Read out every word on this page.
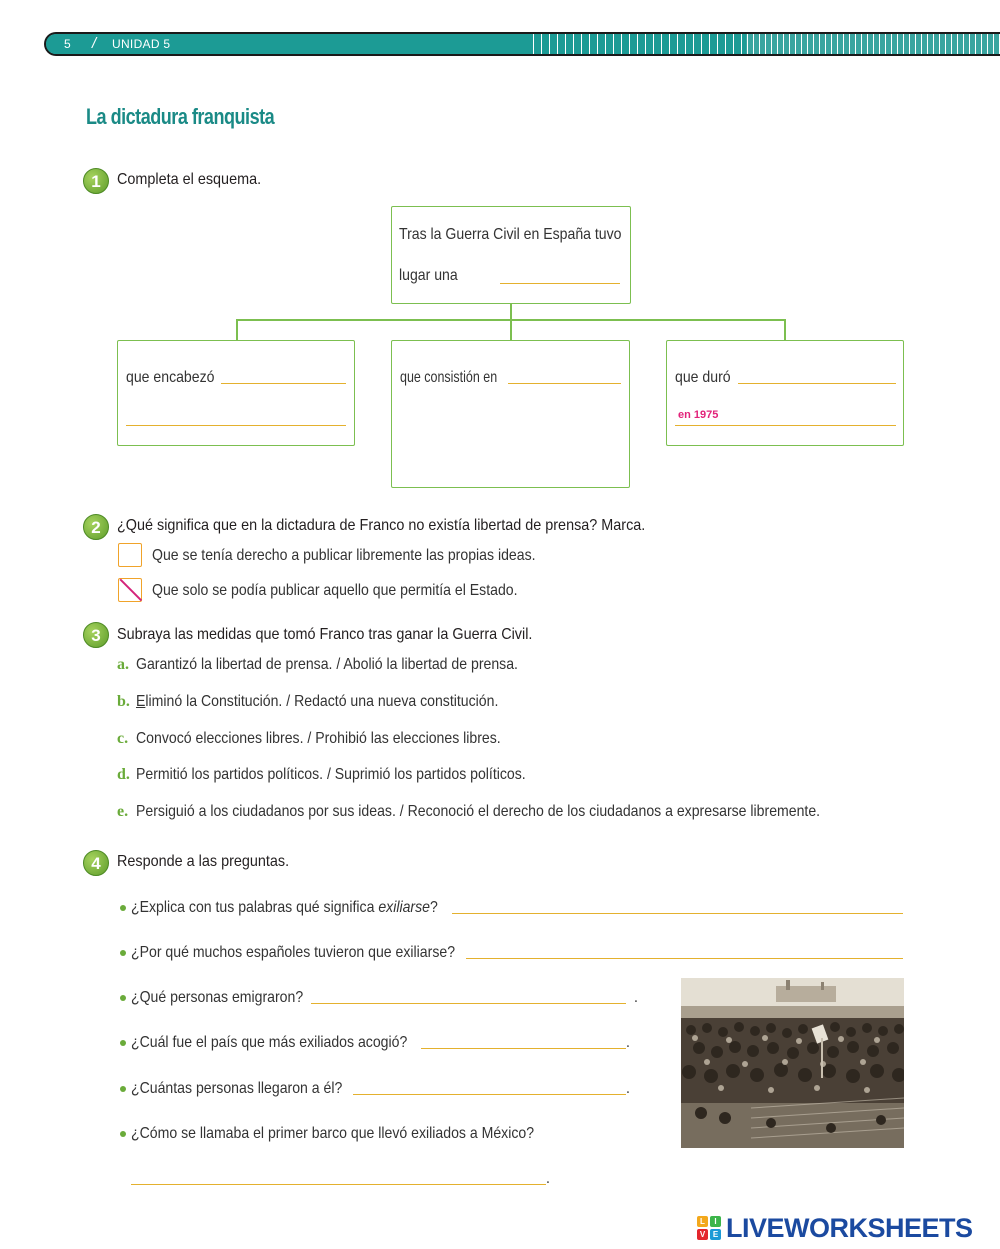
5 / UNIDAD 5
La dictadura franquista
1	Completa el esquema.
Tras la Guerra Civil en España tuvo
lugar una
que encabezó	que consistión en	que duró
en 1975
2	¿Qué significa que en la dictadura de Franco no existía libertad de prensa? Marca.
Que se tenía derecho a publicar libremente las propias ideas.
Que solo se podía publicar aquello que permitía el Estado.
3	Subraya las medidas que tomó Franco tras ganar la Guerra Civil.
a. Garantizó la libertad de prensa. / Abolió la libertad de prensa.
b. Eliminó la Constitución. / Redactó una nueva constitución.
c. Convocó elecciones libres. / Prohibió las elecciones libres.
d. Permitió los partidos políticos. / Suprimió los partidos políticos.
e. Persiguió a los ciudadanos por sus ideas. / Reconoció el derecho de los ciudadanos a expresarse libremente.
4	Responde a las preguntas.
¿Explica con tus palabras qué significa exiliarse?
¿Por qué muchos españoles tuvieron que exiliarse?
¿Qué personas emigraron?	.
¿Cuál fue el país que más exiliados acogió?	.
¿Cuántas personas llegaron a él?	.
¿Cómo se llamaba el primer barco que llevó exiliados a México?
.
L	I
V E LIVEWORKSHEETS
